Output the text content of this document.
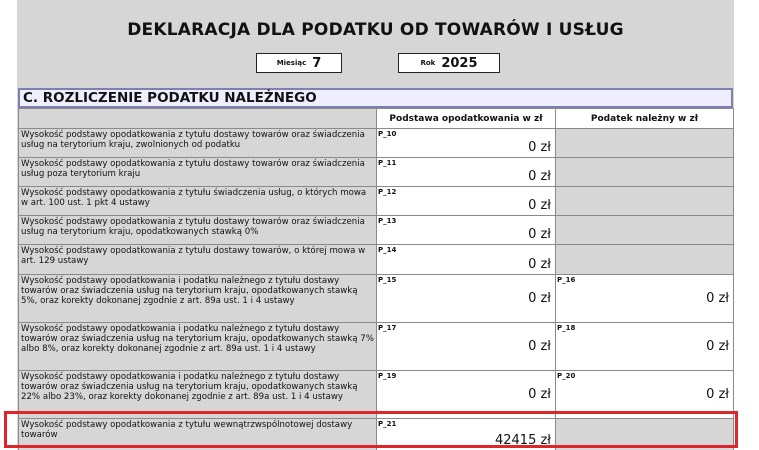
DEKLARACJA DLA PODATKU OD TOWARÓW I USŁUG
Miesiąc 7	Rok 2025
C. ROZLICZENIE PODATKU NALEŻNEGO
Podstawa opodatkowania w zł	Podatek należny w zł
Wysokość podstawy opodatkowania z tytułu dostawy towarów oraz świadczenia usług na terytorium kraju, zwolnionych od podatku
P_10
0 zł
Wysokość podstawy opodatkowania z tytułu dostawy towarów oraz świadczenia usług poza terytorium kraju
P_11
0 zł
Wysokość podstawy opodatkowania z tytułu świadczenia usług, o których mowa w art. 100 ust. 1 pkt 4 ustawy
P_12
0 zł
Wysokość podstawy opodatkowania z tytułu dostawy towarów oraz świadczenia usług na terytorium kraju, opodatkowanych stawką 0%
P_13
0 zł
Wysokość podstawy opodatkowania z tytułu dostawy towarów, o której mowa w art. 129 ustawy
P_14
0 zł
Wysokość podstawy opodatkowania i podatku należnego z tytułu dostawy towarów oraz świadczenia usług na terytorium kraju, opodatkowanych stawką 5%, oraz korekty dokonanej zgodnie z art. 89a ust. 1 i 4 ustawy
P_15
0 zł
P_16
0 zł
Wysokość podstawy opodatkowania i podatku należnego z tytułu dostawy towarów oraz świadczenia usług na terytorium kraju, opodatkowanych stawką 7% albo 8%, oraz korekty dokonanej zgodnie z art. 89a ust. 1 i 4 ustawy
P_17
0 zł
P_18
0 zł
Wysokość podstawy opodatkowania i podatku należnego z tytułu dostawy towarów oraz świadczenia usług na terytorium kraju, opodatkowanych stawką 22% albo 23%, oraz korekty dokonanej zgodnie z art. 89a ust. 1 i 4 ustawy
P_19
0 zł
P_20
0 zł
Wysokość podstawy opodatkowania z tytułu wewnątrzwspólnotowej dostawy towarów
P_21
42415 zł
